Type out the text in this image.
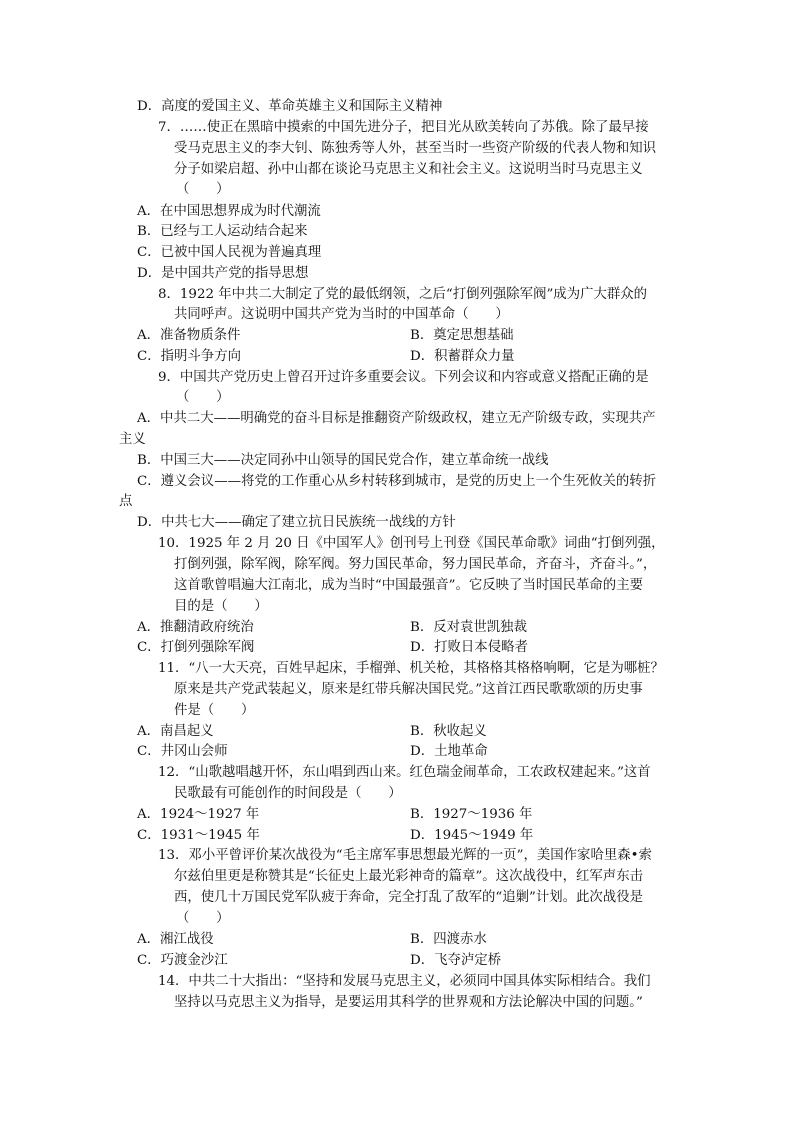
D．高度的爱国主义、革命英雄主义和国际主义精神
7．……使正在黑暗中摸索的中国先进分子，把目光从欧美转向了苏俄。除了最早接
受马克思主义的李大钊、陈独秀等人外，甚至当时一些资产阶级的代表人物和知识
分子如梁启超、孙中山都在谈论马克思主义和社会主义。这说明当时马克思主义
（　　）
A．在中国思想界成为时代潮流
B．已经与工人运动结合起来
C．已被中国人民视为普遍真理
D．是中国共产党的指导思想
8．1922 年中共二大制定了党的最低纲领，之后“打倒列强除军阀”成为广大群众的
共同呼声。这说明中国共产党为当时的中国革命（　　）
A．准备物质条件	B．奠定思想基础
C．指明斗争方向	D．积蓄群众力量
9．中国共产党历史上曾召开过许多重要会议。下列会议和内容或意义搭配正确的是
（　　）
A．中共二大——明确党的奋斗目标是推翻资产阶级政权，建立无产阶级专政，实现共产
主义
B．中国三大——决定同孙中山领导的国民党合作，建立革命统一战线
C．遵义会议——将党的工作重心从乡村转移到城市，是党的历史上一个生死攸关的转折
点
D．中共七大——确定了建立抗日民族统一战线的方针
10．1925 年 2 月 20 日《中国军人》创刊号上刊登《国民革命歌》词曲“打倒列强，
打倒列强，除军阀，除军阀。努力国民革命，努力国民革命，齐奋斗，齐奋斗。”，
这首歌曾唱遍大江南北，成为当时“中国最强音”。它反映了当时国民革命的主要
目的是（　　）
A．推翻清政府统治	B．反对袁世凯独裁
C．打倒列强除军阀	D．打败日本侵略者
11．“八一大天亮，百姓早起床，手榴弹、机关枪，其格格其格格响啊，它是为哪桩？
原来是共产党武装起义，原来是红带兵解决国民党。”这首江西民歌歌颂的历史事
件是（　　）
A．南昌起义	B．秋收起义
C．井冈山会师	D．土地革命
12．“山歌越唱越开怀，东山唱到西山来。红色瑞金闹革命，工农政权建起来。”这首
民歌最有可能创作的时间段是（　　）
A．1924～1927 年	B．1927～1936 年
C．1931～1945 年	D．1945～1949 年
13．邓小平曾评价某次战役为“毛主席军事思想最光辉的一页”，美国作家哈里森•索
尔兹伯里更是称赞其是“长征史上最光彩神奇的篇章”。这次战役中，红军声东击
西，使几十万国民党军队疲于奔命，完全打乱了敌军的“追剿”计划。此次战役是
（　　）
A．湘江战役	B．四渡赤水
C．巧渡金沙江	D．飞夺泸定桥
14．中共二十大指出：“坚持和发展马克思主义，必须同中国具体实际相结合。我们
坚持以马克思主义为指导，是要运用其科学的世界观和方法论解决中国的问题。”
